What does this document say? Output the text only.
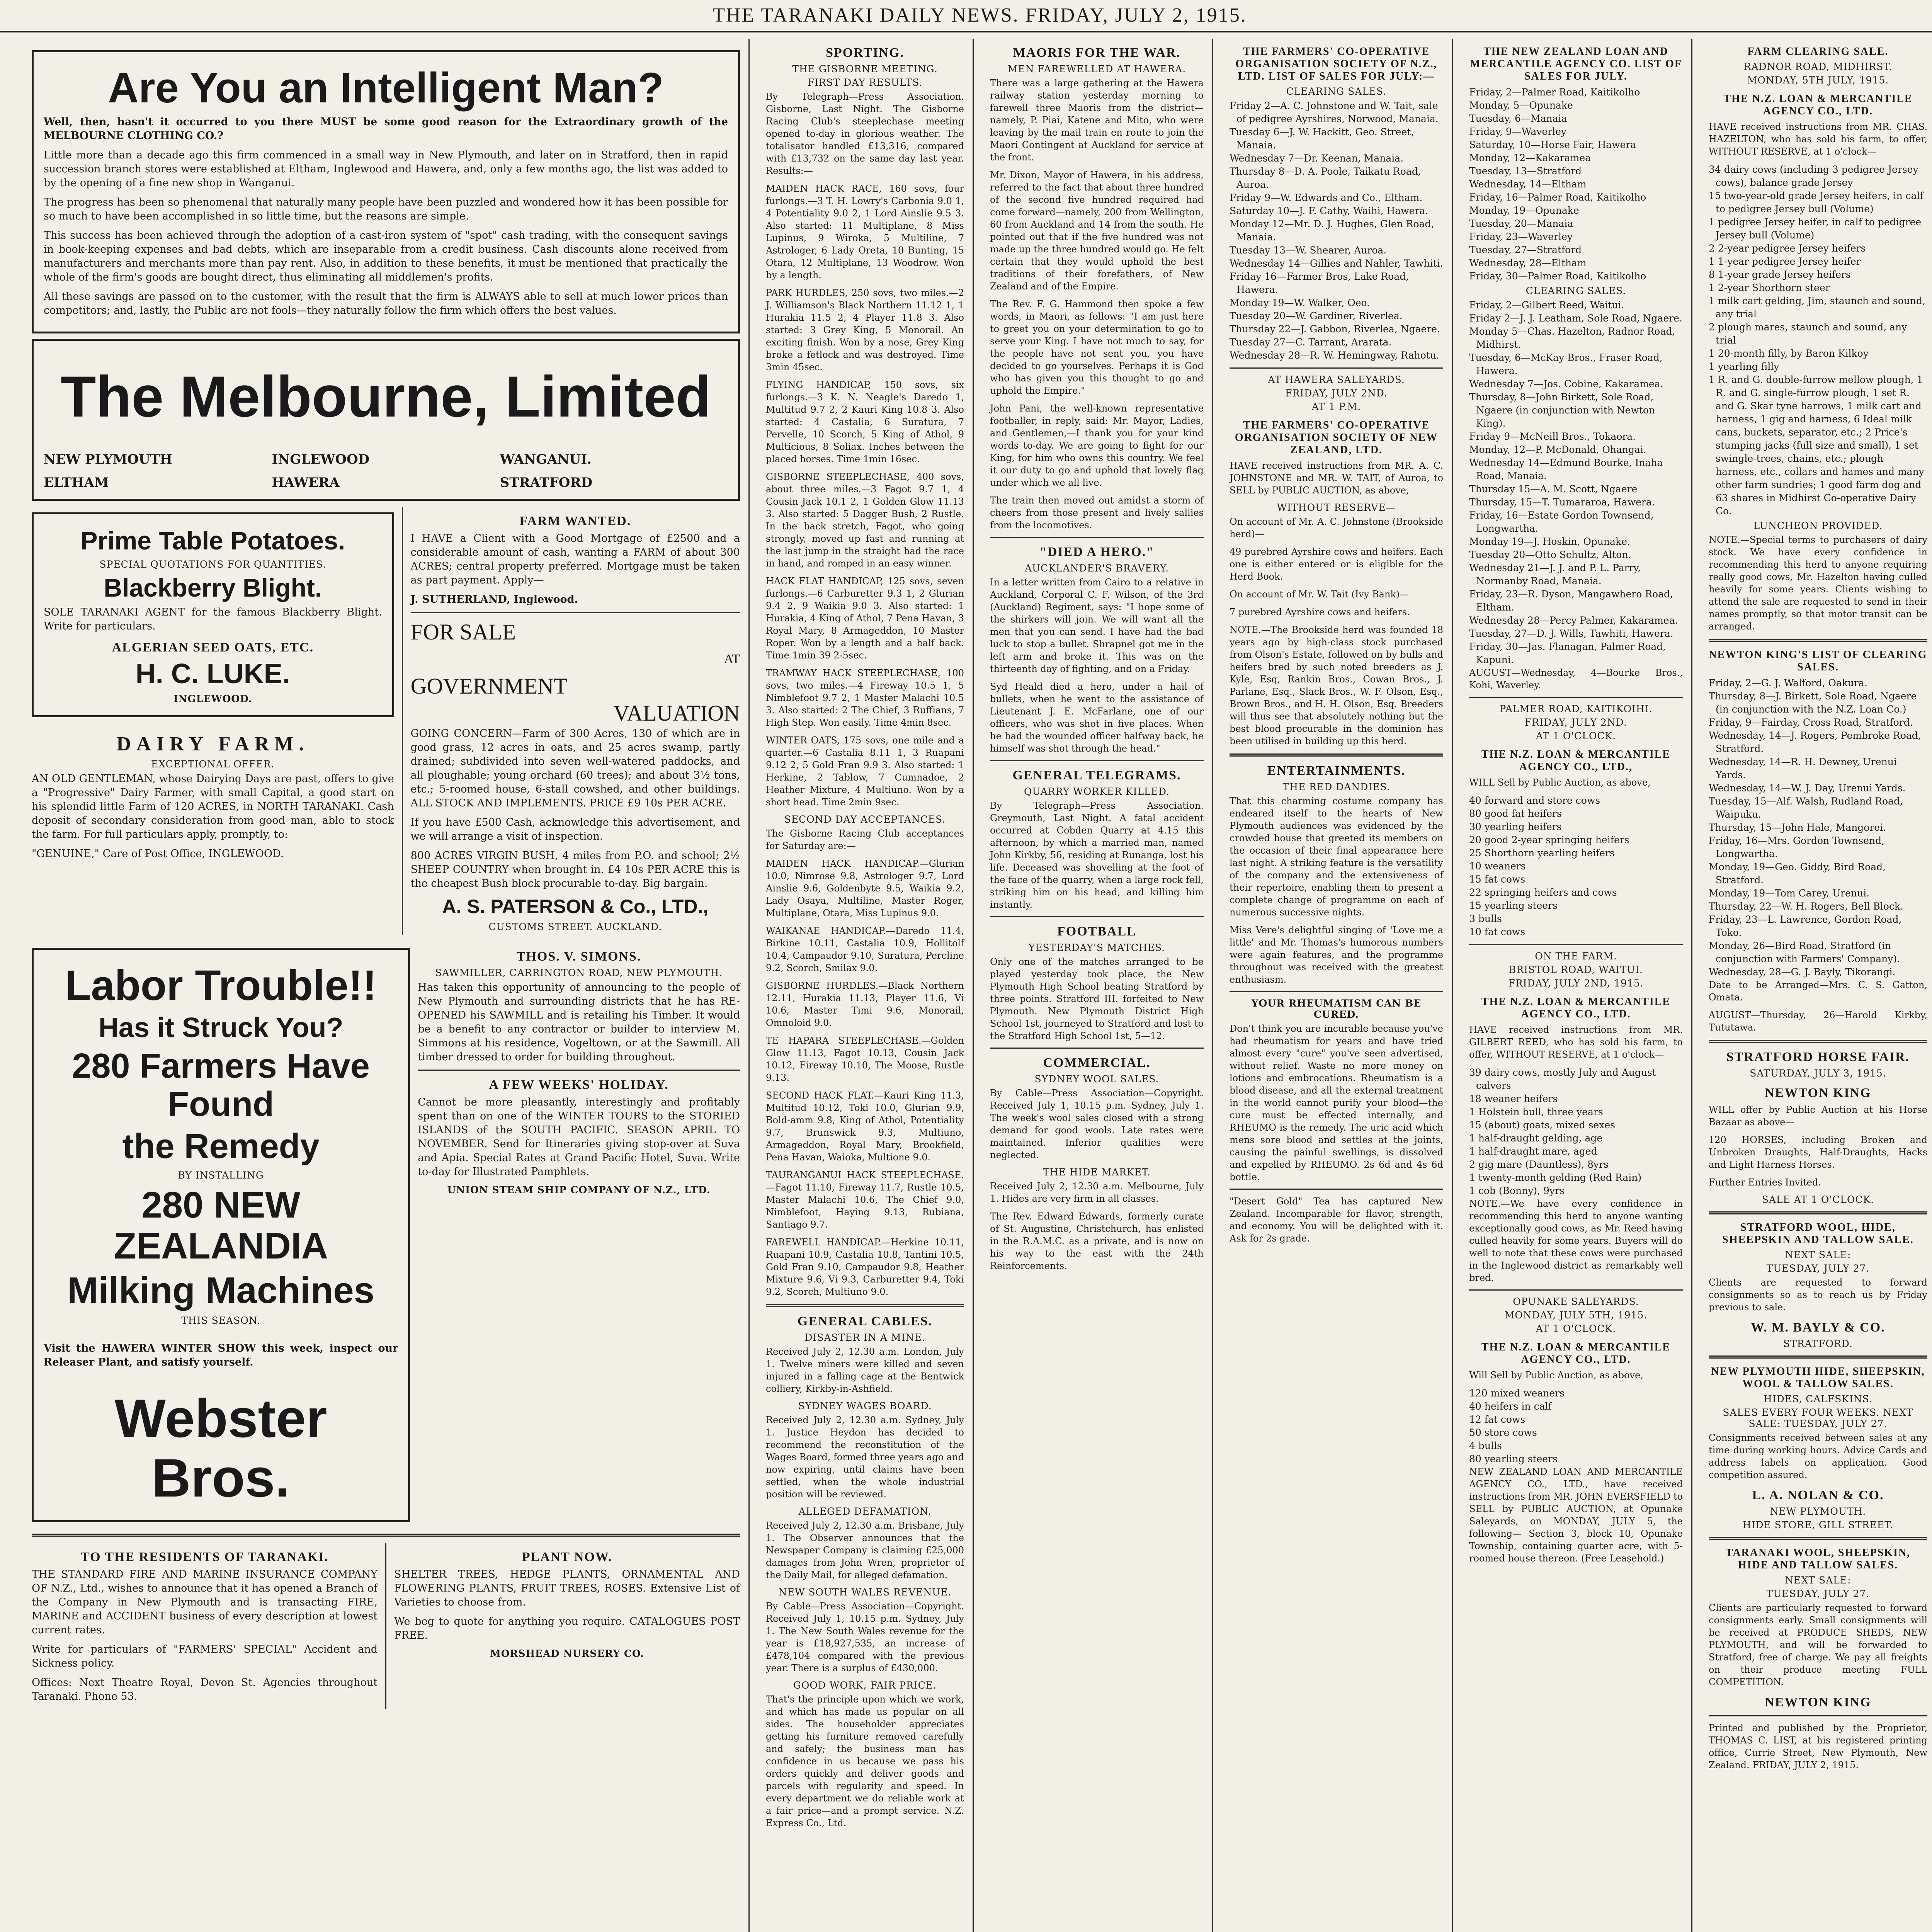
THE TARANAKI DAILY NEWS. FRIDAY, JULY 2, 1915.
Are You an Intelligent Man?

Well, then, hasn't it occurred to you there MUST be some good reason for the Extraordinary growth of the MELBOURNE CLOTHING CO.?

Little more than a decade ago this firm commenced in a small way in New Plymouth, and later on in Stratford, then in rapid succession branch stores were established at Eltham, Inglewood and Hawera, and, only a few months ago, the list was added to by the opening of a fine new shop in Wanganui.

The progress has been so phenomenal that naturally many people have been puzzled and wondered how it has been possible for so much to have been accomplished in so little time, but the reasons are simple.

This success has been achieved through the adoption of a cast-iron system of "spot" cash trading, with the consequent savings in book-keeping expenses and bad debts, which are inseparable from a credit business. Cash discounts alone received from manufacturers and merchants more than pay rent. Also, in addition to these benefits, it must be mentioned that practically the whole of the firm's goods are bought direct, thus eliminating all middlemen's profits.

All these savings are passed on to the customer, with the result that the firm is ALWAYS able to sell at much lower prices than competitors; and, lastly, the Public are not fools—they naturally follow the firm which offers the best values.

The Melbourne, Limited
NEW PLYMOUTH	INGLEWOOD	WANGANUI.
ELTHAM	HAWERA	STRATFORD
Prime Table Potatoes.
SPECIAL QUOTATIONS FOR QUANTITIES.
Blackberry Blight.

SOLE TARANAKI AGENT for the famous Blackberry Blight. Write for particulars.

ALGERIAN SEED OATS, ETC.
H. C. LUKE.
INGLEWOOD.
DAIRY FARM.
EXCEPTIONAL OFFER.

AN OLD GENTLEMAN, whose Dairying Days are past, offers to give a "Progressive" Dairy Farmer, with small Capital, a good start on his splendid little Farm of 120 ACRES, in NORTH TARANAKI. Cash deposit of secondary consideration from good man, able to stock the farm. For full particulars apply, promptly, to:

"GENUINE," Care of Post Office, INGLEWOOD.

FARM WANTED.

I HAVE a Client with a Good Mortgage of £2500 and a considerable amount of cash, wanting a FARM of about 300 ACRES; central property preferred. Mortgage must be taken as part payment. Apply—

J. SUTHERLAND, Inglewood.

FOR SALE
AT
GOVERNMENT
VALUATION

GOING CONCERN—Farm of 300 Acres, 130 of which are in good grass, 12 acres in oats, and 25 acres swamp, partly drained; subdivided into seven well-watered paddocks, and all ploughable; young orchard (60 trees); and about 3½ tons, etc.; 5-roomed house, 6-stall cowshed, and other buildings. ALL STOCK AND IMPLEMENTS. PRICE £9 10s PER ACRE.

If you have £500 Cash, acknowledge this advertisement, and we will arrange a visit of inspection.

800 ACRES VIRGIN BUSH, 4 miles from P.O. and school; 2½ SHEEP COUNTRY when brought in. £4 10s PER ACRE this is the cheapest Bush block procurable to-day. Big bargain.

A. S. PATERSON & Co., LTD.,
CUSTOMS STREET. AUCKLAND.
Labor Trouble!!
Has it Struck You?
280 Farmers Have Found
the Remedy
BY INSTALLING
280 NEW ZEALANDIA
Milking Machines
THIS SEASON.

Visit the HAWERA WINTER SHOW this week, inspect our Releaser Plant, and satisfy yourself.

Webster Bros.
THOS. V. SIMONS.
SAWMILLER, CARRINGTON ROAD, NEW PLYMOUTH.

Has taken this opportunity of announcing to the people of New Plymouth and surrounding districts that he has RE-OPENED his SAWMILL and is retailing his Timber. It would be a benefit to any contractor or builder to interview M. Simmons at his residence, Vogeltown, or at the Sawmill. All timber dressed to order for building throughout.

A FEW WEEKS' HOLIDAY.

Cannot be more pleasantly, interestingly and profitably spent than on one of the WINTER TOURS to the STORIED ISLANDS of the SOUTH PACIFIC. SEASON APRIL TO NOVEMBER. Send for Itineraries giving stop-over at Suva and Apia. Special Rates at Grand Pacific Hotel, Suva. Write to-day for Illustrated Pamphlets.

UNION STEAM SHIP COMPANY OF N.Z., LTD.
TO THE RESIDENTS OF TARANAKI.

THE STANDARD FIRE AND MARINE INSURANCE COMPANY OF N.Z., Ltd., wishes to announce that it has opened a Branch of the Company in New Plymouth and is transacting FIRE, MARINE and ACCIDENT business of every description at lowest current rates.

Write for particulars of "FARMERS' SPECIAL" Accident and Sickness policy.

Offices: Next Theatre Royal, Devon St. Agencies throughout Taranaki. Phone 53.

PLANT NOW.

SHELTER TREES, HEDGE PLANTS, ORNAMENTAL AND FLOWERING PLANTS, FRUIT TREES, ROSES. Extensive List of Varieties to choose from.

We beg to quote for anything you require. CATALOGUES POST FREE.

MORSHEAD NURSERY CO.
SPORTING.
THE GISBORNE MEETING.
FIRST DAY RESULTS.

By Telegraph—Press Association. Gisborne, Last Night. The Gisborne Racing Club's steeplechase meeting opened to-day in glorious weather. The totalisator handled £13,316, compared with £13,732 on the same day last year. Results:—

MAIDEN HACK RACE, 160 sovs, four furlongs.—3 T. H. Lowry's Carbonia 9.0 1, 4 Potentiality 9.0 2, 1 Lord Ainslie 9.5 3. Also started: 11 Multiplane, 8 Miss Lupinus, 9 Wiroka, 5 Multiline, 7 Astrologer, 6 Lady Oreta, 10 Bunting, 15 Otara, 12 Multiplane, 13 Woodrow. Won by a length.

PARK HURDLES, 250 sovs, two miles.—2 J. Williamson's Black Northern 11.12 1, 1 Hurakia 11.5 2, 4 Player 11.8 3. Also started: 3 Grey King, 5 Monorail. An exciting finish. Won by a nose, Grey King broke a fetlock and was destroyed. Time 3min 45sec.

FLYING HANDICAP, 150 sovs, six furlongs.—3 K. N. Neagle's Daredo 1, Multitud 9.7 2, 2 Kauri King 10.8 3. Also started: 4 Castalia, 6 Suratura, 7 Pervelle, 10 Scorch, 5 King of Athol, 9 Multicious, 8 Soliax. Inches between the placed horses. Time 1min 16sec.

GISBORNE STEEPLECHASE, 400 sovs, about three miles.—3 Fagot 9.7 1, 4 Cousin Jack 10.1 2, 1 Golden Glow 11.13 3. Also started: 5 Dagger Bush, 2 Rustle. In the back stretch, Fagot, who going strongly, moved up fast and running at the last jump in the straight had the race in hand, and romped in an easy winner.

HACK FLAT HANDICAP, 125 sovs, seven furlongs.—6 Carburetter 9.3 1, 2 Glurian 9.4 2, 9 Waikia 9.0 3. Also started: 1 Hurakia, 4 King of Athol, 7 Pena Havan, 3 Royal Mary, 8 Armageddon, 10 Master Roper. Won by a length and a half back. Time 1min 39 2-5sec.

TRAMWAY HACK STEEPLECHASE, 100 sovs, two miles.—4 Fireway 10.5 1, 5 Nimblefoot 9.7 2, 1 Master Malachi 10.5 3. Also started: 2 The Chief, 3 Ruffians, 7 High Step. Won easily. Time 4min 8sec.

WINTER OATS, 175 sovs, one mile and a quarter.—6 Castalia 8.11 1, 3 Ruapani 9.12 2, 5 Gold Fran 9.9 3. Also started: 1 Herkine, 2 Tablow, 7 Cumnadoe, 2 Heather Mixture, 4 Multiuno. Won by a short head. Time 2min 9sec.

SECOND DAY ACCEPTANCES.

The Gisborne Racing Club acceptances for Saturday are:—

MAIDEN HACK HANDICAP.—Glurian 10.0, Nimrose 9.8, Astrologer 9.7, Lord Ainslie 9.6, Goldenbyte 9.5, Waikia 9.2, Lady Osaya, Multiline, Master Roger, Multiplane, Otara, Miss Lupinus 9.0.

WAIKANAE HANDICAP.—Daredo 11.4, Birkine 10.11, Castalia 10.9, Hollitolf 10.4, Campaudor 9.10, Suratura, Percline 9.2, Scorch, Smilax 9.0.

GISBORNE HURDLES.—Black Northern 12.11, Hurakia 11.13, Player 11.6, Vi 10.6, Master Timi 9.6, Monorail, Omnoloid 9.0.

TE HAPARA STEEPLECHASE.—Golden Glow 11.13, Fagot 10.13, Cousin Jack 10.12, Fireway 10.10, The Moose, Rustle 9.13.

SECOND HACK FLAT.—Kauri King 11.3, Multitud 10.12, Toki 10.0, Glurian 9.9, Bold-amm 9.8, King of Athol, Potentiality 9.7, Brunswick 9.3, Multiuno, Armageddon, Royal Mary, Brookfield, Pena Havan, Waioka, Multione 9.0.

TAURANGANUI HACK STEEPLECHASE.—Fagot 11.10, Fireway 11.7, Rustle 10.5, Master Malachi 10.6, The Chief 9.0, Nimblefoot, Haying 9.13, Rubiana, Santiago 9.7.

FAREWELL HANDICAP.—Herkine 10.11, Ruapani 10.9, Castalia 10.8, Tantini 10.5, Gold Fran 9.10, Campaudor 9.8, Heather Mixture 9.6, Vi 9.3, Carburetter 9.4, Toki 9.2, Scorch, Multiuno 9.0.

GENERAL CABLES.
DISASTER IN A MINE.

Received July 2, 12.30 a.m. London, July 1. Twelve miners were killed and seven injured in a falling cage at the Bentwick colliery, Kirkby-in-Ashfield.

SYDNEY WAGES BOARD.

Received July 2, 12.30 a.m. Sydney, July 1. Justice Heydon has decided to recommend the reconstitution of the Wages Board, formed three years ago and now expiring, until claims have been settled, when the whole industrial position will be reviewed.

ALLEGED DEFAMATION.

Received July 2, 12.30 a.m. Brisbane, July 1. The Observer announces that the Newspaper Company is claiming £25,000 damages from John Wren, proprietor of the Daily Mail, for alleged defamation.

NEW SOUTH WALES REVENUE.

By Cable—Press Association—Copyright. Received July 1, 10.15 p.m. Sydney, July 1. The New South Wales revenue for the year is £18,927,535, an increase of £478,104 compared with the previous year. There is a surplus of £430,000.

GOOD WORK, FAIR PRICE.

That's the principle upon which we work, and which has made us popular on all sides. The householder appreciates getting his furniture removed carefully and safely; the business man has confidence in us because we pass his orders quickly and deliver goods and parcels with regularity and speed. In every department we do reliable work at a fair price—and a prompt service. N.Z. Express Co., Ltd.

MAORIS FOR THE WAR.
MEN FAREWELLED AT HAWERA.

There was a large gathering at the Hawera railway station yesterday morning to farewell three Maoris from the district—namely, P. Piai, Katene and Mito, who were leaving by the mail train en route to join the Maori Contingent at Auckland for service at the front.

Mr. Dixon, Mayor of Hawera, in his address, referred to the fact that about three hundred of the second five hundred required had come forward—namely, 200 from Wellington, 60 from Auckland and 14 from the south. He pointed out that if the five hundred was not made up the three hundred would go. He felt certain that they would uphold the best traditions of their forefathers, of New Zealand and of the Empire.

The Rev. F. G. Hammond then spoke a few words, in Maori, as follows: "I am just here to greet you on your determination to go to serve your King. I have not much to say, for the people have not sent you, you have decided to go yourselves. Perhaps it is God who has given you this thought to go and uphold the Empire."

John Pani, the well-known representative footballer, in reply, said: Mr. Mayor, Ladies, and Gentlemen,—I thank you for your kind words to-day. We are going to fight for our King, for him who owns this country. We feel it our duty to go and uphold that lovely flag under which we all live.

The train then moved out amidst a storm of cheers from those present and lively sallies from the locomotives.

"DIED A HERO."
AUCKLANDER'S BRAVERY.

In a letter written from Cairo to a relative in Auckland, Corporal C. F. Wilson, of the 3rd (Auckland) Regiment, says: "I hope some of the shirkers will join. We will want all the men that you can send. I have had the bad luck to stop a bullet. Shrapnel got me in the left arm and broke it. This was on the thirteenth day of fighting, and on a Friday.

Syd Heald died a hero, under a hail of bullets, when he went to the assistance of Lieutenant J. E. McFarlane, one of our officers, who was shot in five places. When he had the wounded officer halfway back, he himself was shot through the head."

GENERAL TELEGRAMS.
QUARRY WORKER KILLED.

By Telegraph—Press Association. Greymouth, Last Night. A fatal accident occurred at Cobden Quarry at 4.15 this afternoon, by which a married man, named John Kirkby, 56, residing at Runanga, lost his life. Deceased was shovelling at the foot of the face of the quarry, when a large rock fell, striking him on his head, and killing him instantly.

FOOTBALL
YESTERDAY'S MATCHES.

Only one of the matches arranged to be played yesterday took place, the New Plymouth High School beating Stratford by three points. Stratford III. forfeited to New Plymouth. New Plymouth District High School 1st, journeyed to Stratford and lost to the Stratford High School 1st, 5—12.

COMMERCIAL.
SYDNEY WOOL SALES.

By Cable—Press Association—Copyright. Received July 1, 10.15 p.m. Sydney, July 1. The week's wool sales closed with a strong demand for good wools. Late rates were maintained. Inferior qualities were neglected.

THE HIDE MARKET.

Received July 2, 12.30 a.m. Melbourne, July 1. Hides are very firm in all classes.

The Rev. Edward Edwards, formerly curate of St. Augustine, Christchurch, has enlisted in the R.A.M.C. as a private, and is now on his way to the east with the 24th Reinforcements.

THE FARMERS' CO-OPERATIVE ORGANISATION SOCIETY OF N.Z., LTD. LIST OF SALES FOR JULY:—
CLEARING SALES.
Friday 2—A. C. Johnstone and W. Tait, sale of pedigree Ayrshires, Norwood, Manaia.
Tuesday 6—J. W. Hackitt, Geo. Street, Manaia.
Wednesday 7—Dr. Keenan, Manaia.
Thursday 8—D. A. Poole, Taikatu Road, Auroa.
Friday 9—W. Edwards and Co., Eltham.
Saturday 10—J. F. Cathy, Waihi, Hawera.
Monday 12—Mr. D. J. Hughes, Glen Road, Manaia.
Tuesday 13—W. Shearer, Auroa.
Wednesday 14—Gillies and Nahler, Tawhiti.
Friday 16—Farmer Bros, Lake Road, Hawera.
Monday 19—W. Walker, Oeo.
Tuesday 20—W. Gardiner, Riverlea.
Thursday 22—J. Gabbon, Riverlea, Ngaere.
Tuesday 27—C. Tarrant, Ararata.
Wednesday 28—R. W. Hemingway, Rahotu.
AT HAWERA SALEYARDS.
FRIDAY, JULY 2ND.
AT 1 P.M.
THE FARMERS' CO-OPERATIVE ORGANISATION SOCIETY OF NEW ZEALAND, LTD.

HAVE received instructions from MR. A. C. JOHNSTONE and MR. W. TAIT, of Auroa, to SELL by PUBLIC AUCTION, as above,

WITHOUT RESERVE—

On account of Mr. A. C. Johnstone (Brookside herd)—

49 purebred Ayrshire cows and heifers. Each one is either entered or is eligible for the Herd Book.

On account of Mr. W. Tait (Ivy Bank)—

7 purebred Ayrshire cows and heifers.

NOTE.—The Brookside herd was founded 18 years ago by high-class stock purchased from Olson's Estate, followed on by bulls and heifers bred by such noted breeders as J. Kyle, Esq, Rankin Bros., Cowan Bros., J. Parlane, Esq., Slack Bros., W. F. Olson, Esq., Brown Bros., and H. H. Olson, Esq. Breeders will thus see that absolutely nothing but the best blood procurable in the dominion has been utilised in building up this herd.

ENTERTAINMENTS.
THE RED DANDIES.

That this charming costume company has endeared itself to the hearts of New Plymouth audiences was evidenced by the crowded house that greeted its members on the occasion of their final appearance here last night. A striking feature is the versatility of the company and the extensiveness of their repertoire, enabling them to present a complete change of programme on each of numerous successive nights.

Miss Vere's delightful singing of 'Love me a little' and Mr. Thomas's humorous numbers were again features, and the programme throughout was received with the greatest enthusiasm.

YOUR RHEUMATISM CAN BE CURED.

Don't think you are incurable because you've had rheumatism for years and have tried almost every "cure" you've seen advertised, without relief. Waste no more money on lotions and embrocations. Rheumatism is a blood disease, and all the external treatment in the world cannot purify your blood—the cure must be effected internally, and RHEUMO is the remedy. The uric acid which mens sore blood and settles at the joints, causing the painful swellings, is dissolved and expelled by RHEUMO. 2s 6d and 4s 6d bottle.

"Desert Gold" Tea has captured New Zealand. Incomparable for flavor, strength, and economy. You will be delighted with it. Ask for 2s grade.

THE NEW ZEALAND LOAN AND MERCANTILE AGENCY CO. LIST OF SALES FOR JULY.
Friday, 2—Palmer Road, Kaitikolho
Monday, 5—Opunake
Tuesday, 6—Manaia
Friday, 9—Waverley
Saturday, 10—Horse Fair, Hawera
Monday, 12—Kakaramea
Tuesday, 13—Stratford
Wednesday, 14—Eltham
Friday, 16—Palmer Road, Kaitikolho
Monday, 19—Opunake
Tuesday, 20—Manaia
Friday, 23—Waverley
Tuesday, 27—Stratford
Wednesday, 28—Eltham
Friday, 30—Palmer Road, Kaitikolho
CLEARING SALES.
Friday, 2—Gilbert Reed, Waitui.
Friday 2—J. J. Leatham, Sole Road, Ngaere.
Monday 5—Chas. Hazelton, Radnor Road, Midhirst.
Tuesday, 6—McKay Bros., Fraser Road, Hawera.
Wednesday 7—Jos. Cobine, Kakaramea.
Thursday, 8—John Birkett, Sole Road, Ngaere (in conjunction with Newton King).
Friday 9—McNeill Bros., Tokaora.
Monday, 12—P. McDonald, Ohangai.
Wednesday 14—Edmund Bourke, Inaha Road, Manaia.
Thursday 15—A. M. Scott, Ngaere
Thursday, 15—T. Tumararoa, Hawera.
Friday, 16—Estate Gordon Townsend, Longwartha.
Monday 19—J. Hoskin, Opunake.
Tuesday 20—Otto Schultz, Alton.
Wednesday 21—J. J. and P. L. Parry, Normanby Road, Manaia.
Friday, 23—R. Dyson, Mangawhero Road, Eltham.
Wednesday 28—Percy Palmer, Kakaramea.
Tuesday, 27—D. J. Wills, Tawhiti, Hawera.
Friday, 30—Jas. Flanagan, Palmer Road, Kapuni.

AUGUST—Wednesday, 4—Bourke Bros., Kohi, Waverley.

PALMER ROAD, KAITIKOIHI.
FRIDAY, JULY 2ND.
AT 1 O'CLOCK.
THE N.Z. LOAN & MERCANTILE AGENCY CO., LTD.,

WILL Sell by Public Auction, as above,

40 forward and store cows
80 good fat heifers
30 yearling heifers
20 good 2-year springing heifers
25 Shorthorn yearling heifers
10 weaners
15 fat cows
22 springing heifers and cows
15 yearling steers
3 bulls
10 fat cows
ON THE FARM.
BRISTOL ROAD, WAITUI.
FRIDAY, JULY 2ND, 1915.
THE N.Z. LOAN & MERCANTILE AGENCY CO., LTD.

HAVE received instructions from MR. GILBERT REED, who has sold his farm, to offer, WITHOUT RESERVE, at 1 o'clock—

39 dairy cows, mostly July and August calvers
18 weaner heifers
1 Holstein bull, three years
15 (about) goats, mixed sexes
1 half-draught gelding, age
1 half-draught mare, aged
2 gig mare (Dauntless), 8yrs
1 twenty-month gelding (Red Rain)
1 cob (Bonny), 9yrs

NOTE.—We have every confidence in recommending this herd to anyone wanting exceptionally good cows, as Mr. Reed having culled heavily for some years. Buyers will do well to note that these cows were purchased in the Inglewood district as remarkably well bred.

OPUNAKE SALEYARDS.
MONDAY, JULY 5TH, 1915.
AT 1 O'CLOCK.
THE N.Z. LOAN & MERCANTILE AGENCY CO., LTD.

Will Sell by Public Auction, as above,

120 mixed weaners
40 heifers in calf
12 fat cows
50 store cows
4 bulls
80 yearling steers

NEW ZEALAND LOAN AND MERCANTILE AGENCY CO., LTD., have received instructions from MR. JOHN EVERSFIELD to SELL by PUBLIC AUCTION, at Opunake Saleyards, on MONDAY, JULY 5, the following— Section 3, block 10, Opunake Township, containing quarter acre, with 5-roomed house thereon. (Free Leasehold.)

FARM CLEARING SALE.
RADNOR ROAD, MIDHIRST.
MONDAY, 5TH JULY, 1915.
THE N.Z. LOAN & MERCANTILE AGENCY CO., LTD.

HAVE received instructions from MR. CHAS. HAZELTON, who has sold his farm, to offer, WITHOUT RESERVE, at 1 o'clock—

34 dairy cows (including 3 pedigree Jersey cows), balance grade Jersey
15 two-year-old grade Jersey heifers, in calf to pedigree Jersey bull (Volume)
1 pedigree Jersey heifer, in calf to pedigree Jersey bull (Volume)
2 2-year pedigree Jersey heifers
1 1-year pedigree Jersey heifer
8 1-year grade Jersey heifers
1 2-year Shorthorn steer
1 milk cart gelding, Jim, staunch and sound, any trial
2 plough mares, staunch and sound, any trial
1 20-month filly, by Baron Kilkoy
1 yearling filly
1 R. and G. double-furrow mellow plough, 1 R. and G. single-furrow plough, 1 set R. and G. Skar tyne harrows, 1 milk cart and harness, 1 gig and harness, 6 Ideal milk cans, buckets, separator, etc.; 2 Price's stumping jacks (full size and small), 1 set swingle-trees, chains, etc.; plough harness, etc., collars and hames and many other farm sundries; 1 good farm dog and 63 shares in Midhirst Co-operative Dairy Co.
LUNCHEON PROVIDED.

NOTE.—Special terms to purchasers of dairy stock. We have every confidence in recommending this herd to anyone requiring really good cows, Mr. Hazelton having culled heavily for some years. Clients wishing to attend the sale are requested to send in their names promptly, so that motor transit can be arranged.

NEWTON KING'S LIST OF CLEARING SALES.
Friday, 2—G. J. Walford, Oakura.
Thursday, 8—J. Birkett, Sole Road, Ngaere (in conjunction with the N.Z. Loan Co.)
Friday, 9—Fairday, Cross Road, Stratford.
Wednesday, 14—J. Rogers, Pembroke Road, Stratford.
Wednesday, 14—R. H. Dewney, Urenui Yards.
Wednesday, 14—W. J. Day, Urenui Yards.
Tuesday, 15—Alf. Walsh, Rudland Road, Waipuku.
Thursday, 15—John Hale, Mangorei.
Friday, 16—Mrs. Gordon Townsend, Longwartha.
Monday, 19—Geo. Giddy, Bird Road, Stratford.
Monday, 19—Tom Carey, Urenui.
Thursday, 22—W. H. Rogers, Bell Block.
Friday, 23—L. Lawrence, Gordon Road, Toko.
Monday, 26—Bird Road, Stratford (in conjunction with Farmers' Company).
Wednesday, 28—G. J. Bayly, Tikorangi.

Date to be Arranged—Mrs. C. S. Gatton, Omata.

AUGUST—Thursday, 26—Harold Kirkby, Tututawa.

STRATFORD HORSE FAIR.
SATURDAY, JULY 3, 1915.
NEWTON KING

WILL offer by Public Auction at his Horse Bazaar as above—

120 HORSES, including Broken and Unbroken Draughts, Half-Draughts, Hacks and Light Harness Horses.

Further Entries Invited.

SALE AT 1 O'CLOCK.
STRATFORD WOOL, HIDE, SHEEPSKIN AND TALLOW SALE.
NEXT SALE:
TUESDAY, JULY 27.

Clients are requested to forward consignments so as to reach us by Friday previous to sale.

W. M. BAYLY & CO.
STRATFORD.
NEW PLYMOUTH HIDE, SHEEPSKIN, WOOL & TALLOW SALES.
HIDES, CALFSKINS.
SALES EVERY FOUR WEEKS. NEXT SALE: TUESDAY, JULY 27.

Consignments received between sales at any time during working hours. Advice Cards and address labels on application. Good competition assured.

L. A. NOLAN & CO.
NEW PLYMOUTH.
HIDE STORE, GILL STREET.
TARANAKI WOOL, SHEEPSKIN, HIDE AND TALLOW SALES.
NEXT SALE:
TUESDAY, JULY 27.

Clients are particularly requested to forward consignments early. Small consignments will be received at PRODUCE SHEDS, NEW PLYMOUTH, and will be forwarded to Stratford, free of charge. We pay all freights on their produce meeting FULL COMPETITION.

NEWTON KING

Printed and published by the Proprietor, THOMAS C. LIST, at his registered printing office, Currie Street, New Plymouth, New Zealand. FRIDAY, JULY 2, 1915.
